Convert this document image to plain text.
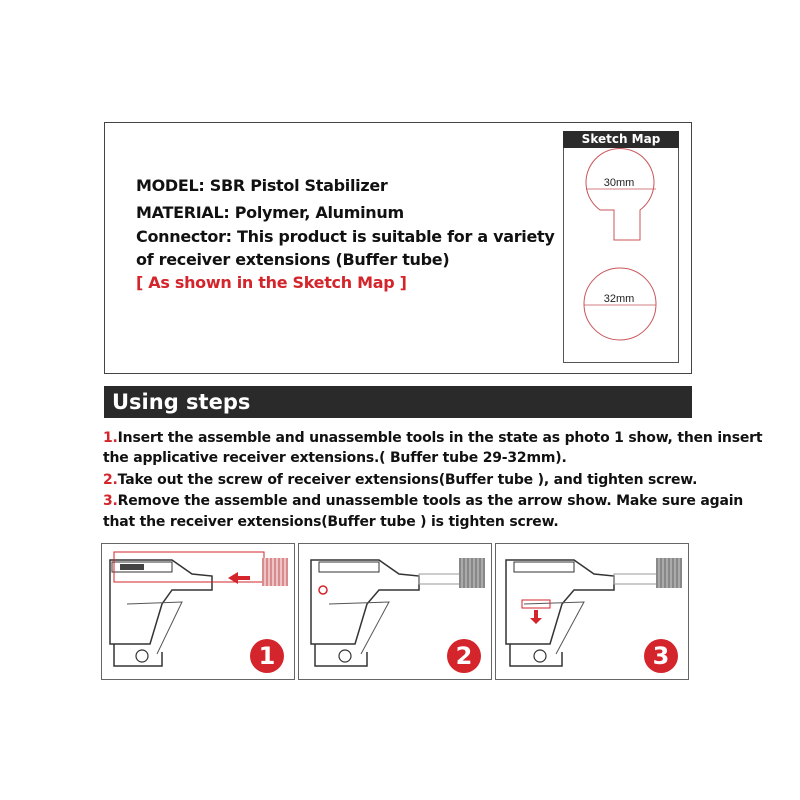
MODEL: SBR Pistol Stabilizer
MATERIAL: Polymer, Aluminum
Connector: This product is suitable for a variety
of receiver extensions (Buffer tube)
[ As shown in the Sketch Map ]
Sketch Map
30mm
32mm
Using steps
1.Insert the assemble and unassemble tools in the state as photo 1 show, then insert
the applicative receiver extensions.( Buffer tube 29-32mm).
2.Take out the screw of receiver extensions(Buffer tube ), and tighten screw.
3.Remove the assemble and unassemble tools as the arrow show. Make sure again
that the receiver extensions(Buffer tube ) is tighten screw.
1	2	3
